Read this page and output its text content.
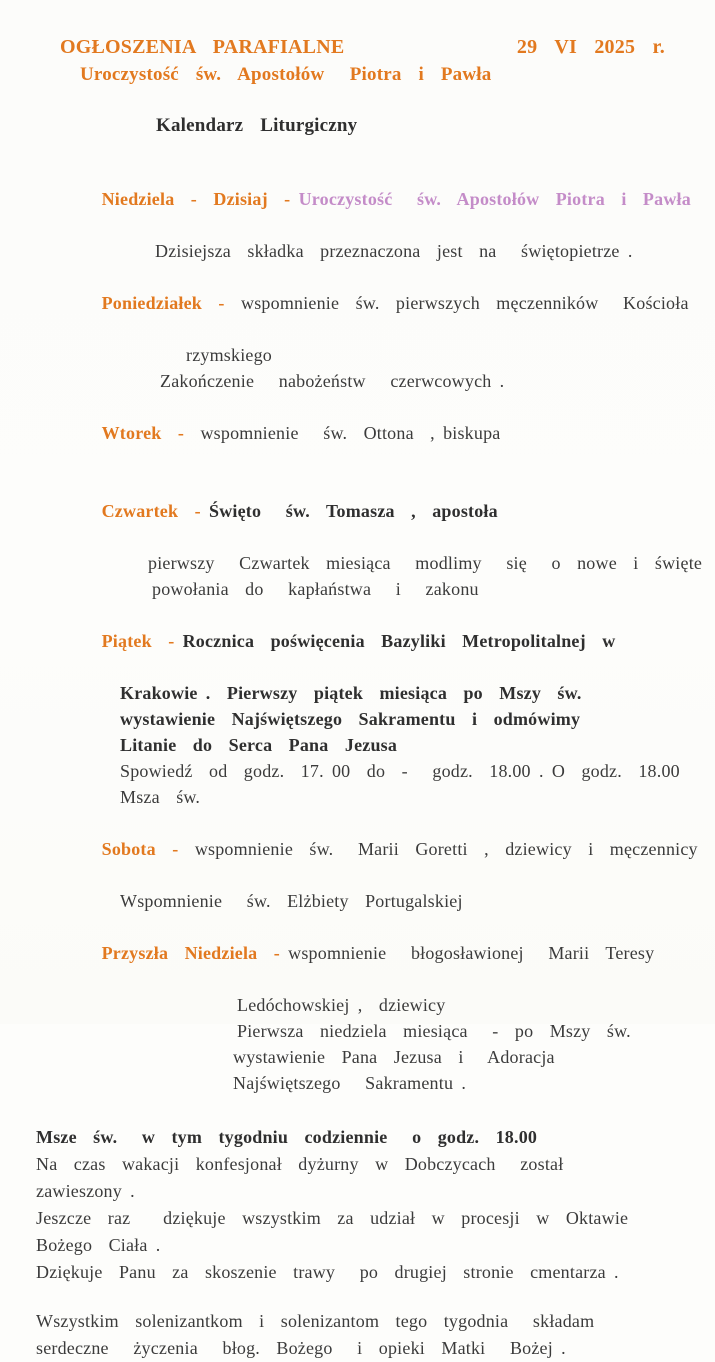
OGŁOSZENIA  PARAFIALNE	29  VI  2025  r.
Uroczystość  św.  Apostołów   Piotra  i  Pawła
Kalendarz  Liturgiczny

Niedziela  -  Dzisiaj  - Uroczystość   św.  Apostołów  Piotra  i  Pawła

Dzisiejsza  składka  przeznaczona  jest  na   świętopietrze .

Poniedziałek  -  wspomnienie  św.  pierwszych  męczenników   Kościoła

rzymskiego
Zakończenie   nabożeństw   czerwcowych .

Wtorek  -  wspomnienie   św.  Ottona  , biskupa

Czwartek  - Święto   św.  Tomasza  ,  apostoła

pierwszy   Czwartek  miesiąca   modlimy   się   o  nowe  i  święte
powołania  do   kapłaństwa   i   zakonu

Piątek  - Rocznica  poświęcenia  Bazyliki  Metropolitalnej  w

Krakowie .  Pierwszy  piątek  miesiąca  po  Mszy  św.
wystawienie  Najświętszego  Sakramentu  i  odmówimy
Litanie  do  Serca  Pana  Jezusa
Spowiedź  od  godz.  17. 00  do  -   godz.  18.00 . O  godz.  18.00
Msza  św.

Sobota  -  wspomnienie  św.   Marii  Goretti  ,  dziewicy  i  męczennicy

Wspomnienie   św.  Elżbiety  Portugalskiej

Przyszła  Niedziela  - wspomnienie   błogosławionej   Marii  Teresy

Ledóchowskiej ,  dziewicy
Pierwsza  niedziela  miesiąca   -  po  Mszy  św.
wystawienie  Pana  Jezusa  i   Adoracja
Najświętszego   Sakramentu .
Msze  św.   w  tym  tygodniu  codziennie   o  godz.  18.00
Na  czas  wakacji  konfesjonał  dyżurny  w  Dobczycach   został
zawieszony .
Jeszcze  raz    dziękuje  wszystkim  za  udział  w  procesji  w  Oktawie
Bożego  Ciała .
Dziękuje  Panu  za  skoszenie  trawy   po  drugiej  stronie  cmentarza .
Wszystkim  solenizantkom  i  solenizantom  tego  tygodnia   składam
serdeczne   życzenia   błog.  Bożego   i  opieki  Matki   Bożej .
